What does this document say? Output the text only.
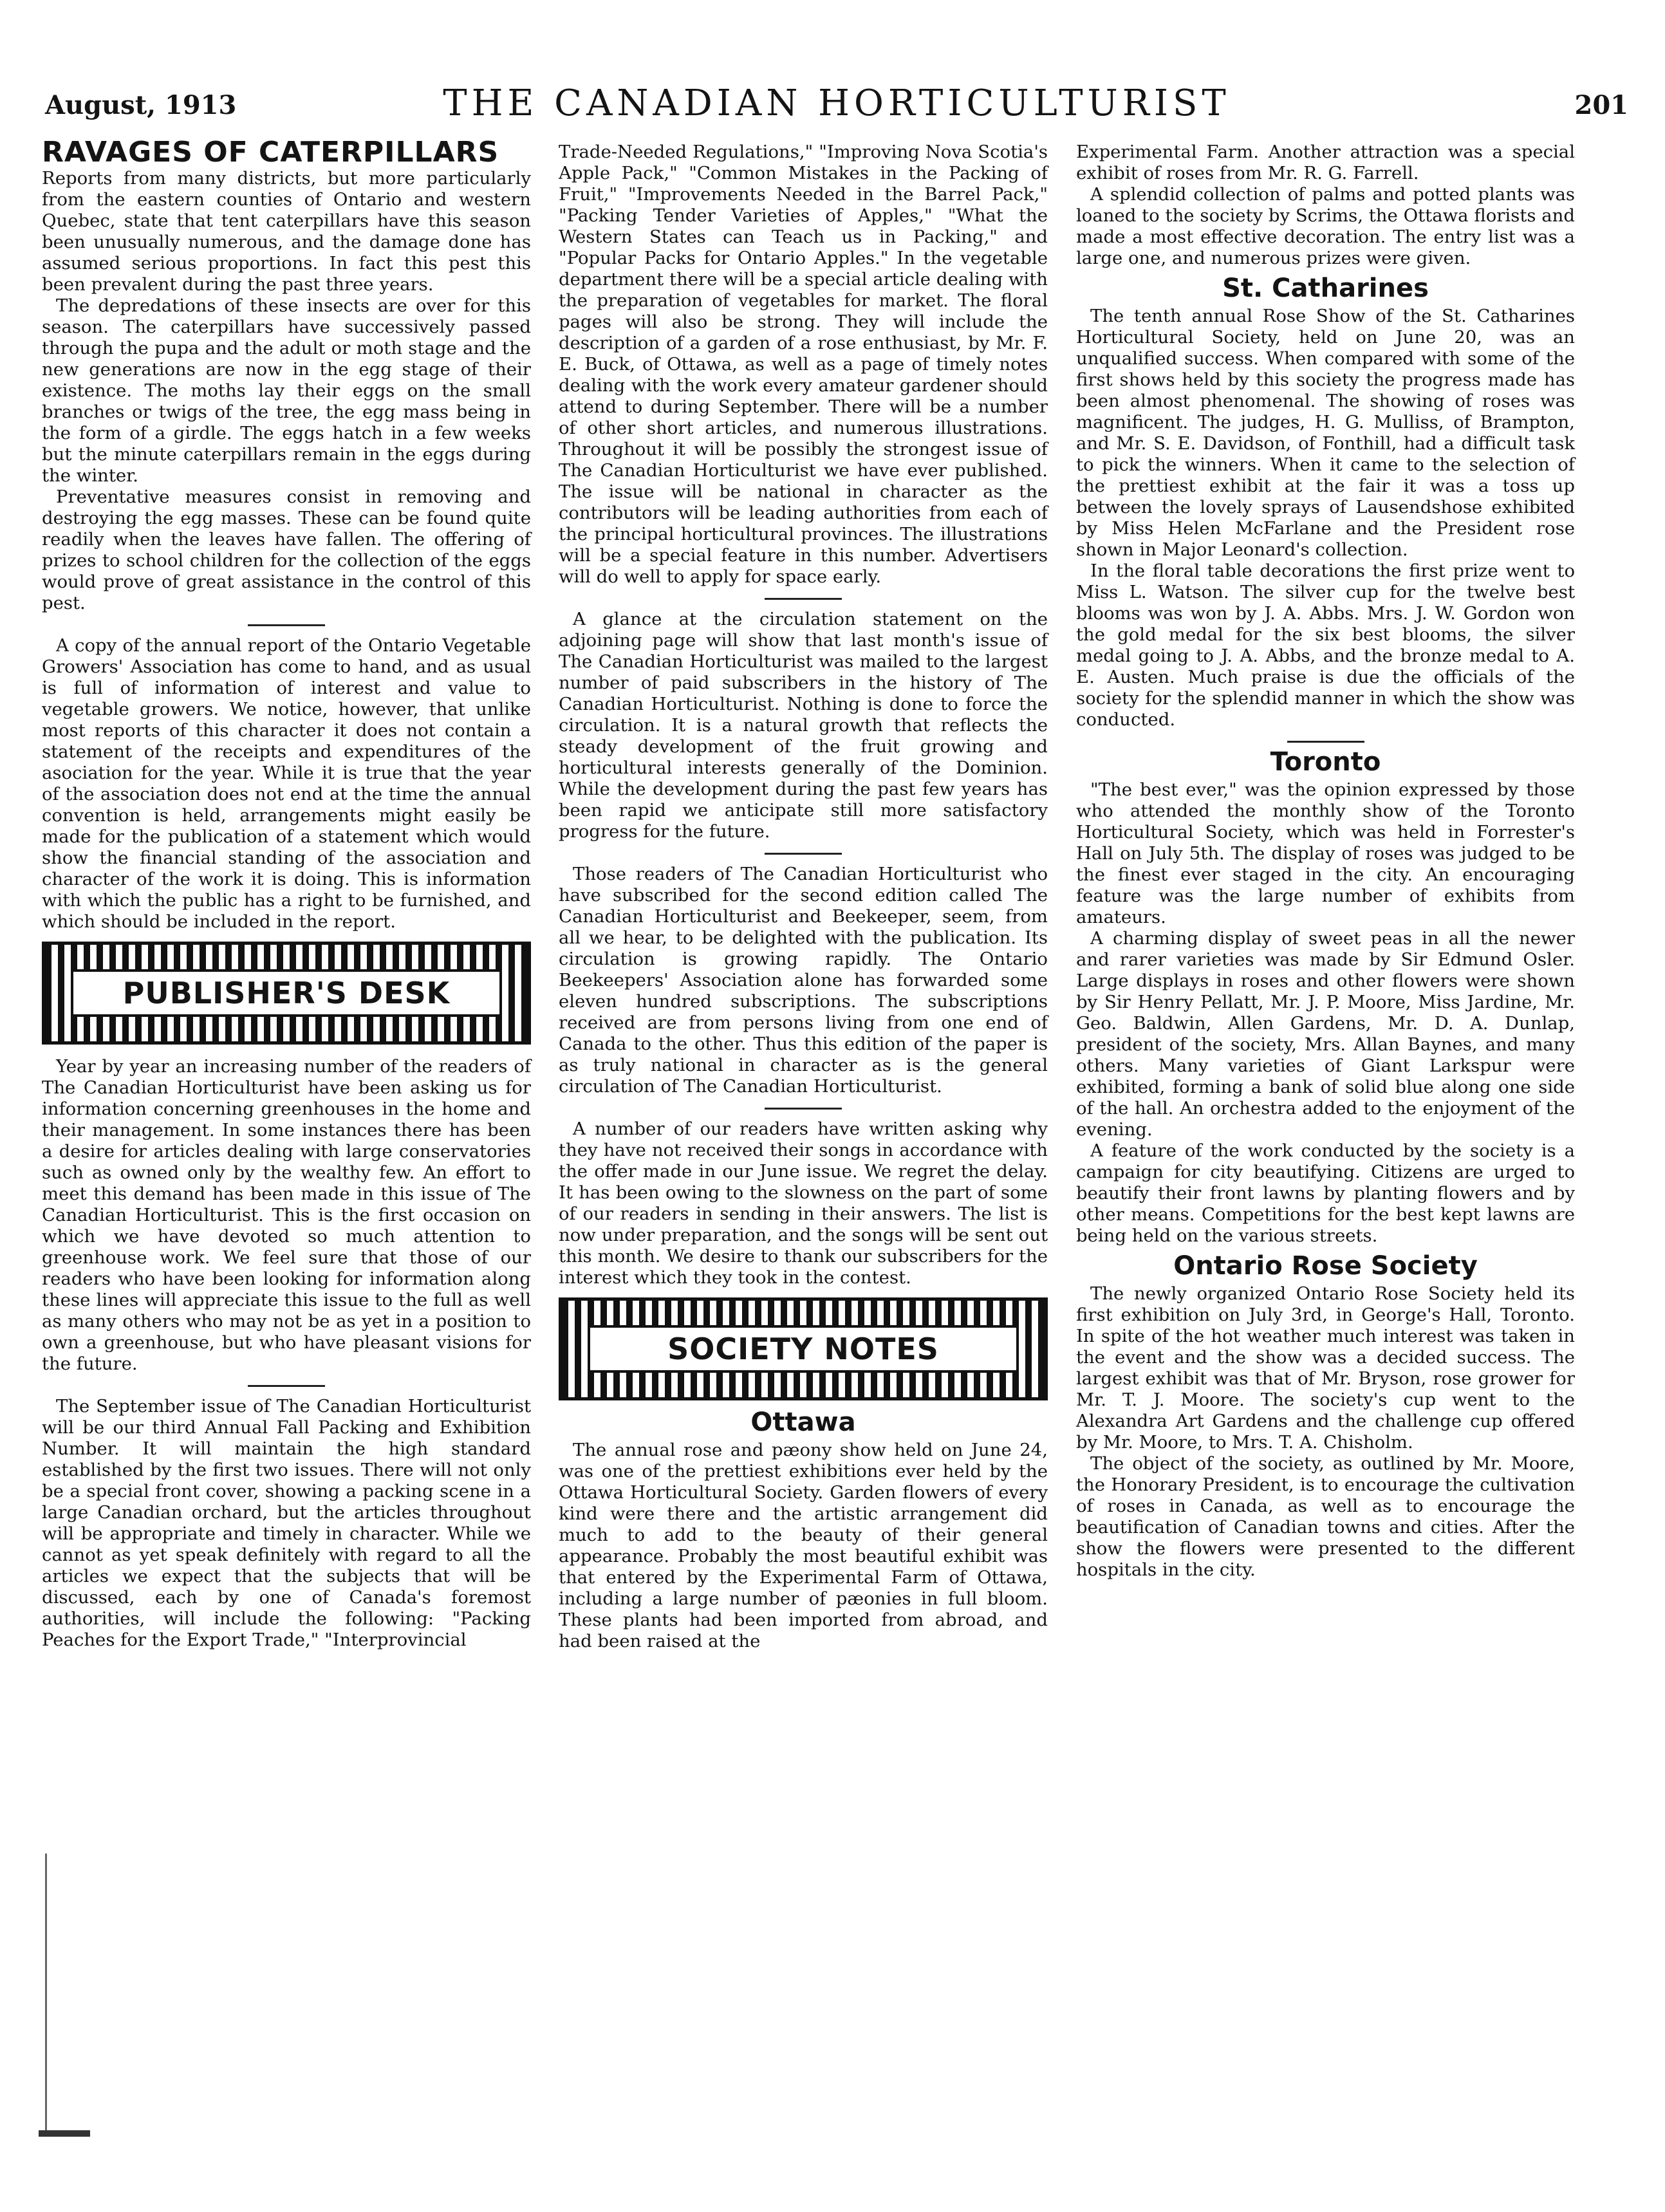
August, 1913	THE CANADIAN HORTICULTURIST	201
RAVAGES OF CATERPILLARS

Reports from many districts, but more particularly from the eastern counties of Ontario and western Quebec, state that tent caterpillars have this season been unusually numerous, and the damage done has assumed serious proportions. In fact this pest this been prevalent during the past three years.

The depredations of these insects are over for this season. The caterpillars have successively passed through the pupa and the adult or moth stage and the new generations are now in the egg stage of their existence. The moths lay their eggs on the small branches or twigs of the tree, the egg mass being in the form of a girdle. The eggs hatch in a few weeks but the minute caterpillars remain in the eggs during the winter.

Preventative measures consist in removing and destroying the egg masses. These can be found quite readily when the leaves have fallen. The offering of prizes to school children for the collection of the eggs would prove of great assistance in the control of this pest.

A copy of the annual report of the Ontario Vegetable Growers' Association has come to hand, and as usual is full of information of interest and value to vegetable growers. We notice, however, that unlike most reports of this character it does not contain a statement of the receipts and expenditures of the asociation for the year. While it is true that the year of the association does not end at the time the annual convention is held, arrangements might easily be made for the publication of a statement which would show the financial standing of the association and character of the work it is doing. This is information with which the public has a right to be furnished, and which should be included in the report.

PUBLISHER'S DESK

Year by year an increasing number of the readers of The Canadian Horticulturist have been asking us for information concerning greenhouses in the home and their management. In some instances there has been a desire for articles dealing with large conservatories such as owned only by the wealthy few. An effort to meet this demand has been made in this issue of The Canadian Horticulturist. This is the first occasion on which we have devoted so much attention to greenhouse work. We feel sure that those of our readers who have been looking for information along these lines will appreciate this issue to the full as well as many others who may not be as yet in a position to own a greenhouse, but who have pleasant visions for the future.

The September issue of The Canadian Horticulturist will be our third Annual Fall Packing and Exhibition Number. It will maintain the high standard established by the first two issues. There will not only be a special front cover, showing a packing scene in a large Canadian orchard, but the articles throughout will be appropriate and timely in character. While we cannot as yet speak definitely with regard to all the articles we expect that the subjects that will be discussed, each by one of Canada's foremost authorities, will include the following: "Packing Peaches for the Export Trade," "Interprovincial

Trade-Needed Regulations," "Improving Nova Scotia's Apple Pack," "Common Mistakes in the Packing of Fruit," "Improvements Needed in the Barrel Pack," "Packing Tender Varieties of Apples," "What the Western States can Teach us in Packing," and "Popular Packs for Ontario Apples." In the vegetable department there will be a special article dealing with the preparation of vegetables for market. The floral pages will also be strong. They will include the description of a garden of a rose enthusiast, by Mr. F. E. Buck, of Ottawa, as well as a page of timely notes dealing with the work every amateur gardener should attend to during September. There will be a number of other short articles, and numerous illustrations. Throughout it will be possibly the strongest issue of The Canadian Horticulturist we have ever published. The issue will be national in character as the contributors will be leading authorities from each of the principal horticultural provinces. The illustrations will be a special feature in this number. Advertisers will do well to apply for space early.

A glance at the circulation statement on the adjoining page will show that last month's issue of The Canadian Horticulturist was mailed to the largest number of paid subscribers in the history of The Canadian Horticulturist. Nothing is done to force the circulation. It is a natural growth that reflects the steady development of the fruit growing and horticultural interests generally of the Dominion. While the development during the past few years has been rapid we anticipate still more satisfactory progress for the future.

Those readers of The Canadian Horticulturist who have subscribed for the second edition called The Canadian Horticulturist and Beekeeper, seem, from all we hear, to be delighted with the publication. Its circulation is growing rapidly. The Ontario Beekeepers' Association alone has forwarded some eleven hundred subscriptions. The subscriptions received are from persons living from one end of Canada to the other. Thus this edition of the paper is as truly national in character as is the general circulation of The Canadian Horticulturist.

A number of our readers have written asking why they have not received their songs in accordance with the offer made in our June issue. We regret the delay. It has been owing to the slowness on the part of some of our readers in sending in their answers. The list is now under preparation, and the songs will be sent out this month. We desire to thank our subscribers for the interest which they took in the contest.

SOCIETY NOTES
Ottawa

The annual rose and pæony show held on June 24, was one of the prettiest exhibitions ever held by the Ottawa Horticultural Society. Garden flowers of every kind were there and the artistic arrangement did much to add to the beauty of their general appearance. Probably the most beautiful exhibit was that entered by the Experimental Farm of Ottawa, including a large number of pæonies in full bloom. These plants had been imported from abroad, and had been raised at the

Experimental Farm. Another attraction was a special exhibit of roses from Mr. R. G. Farrell.

A splendid collection of palms and potted plants was loaned to the society by Scrims, the Ottawa florists and made a most effective decoration. The entry list was a large one, and numerous prizes were given.

St. Catharines

The tenth annual Rose Show of the St. Catharines Horticultural Society, held on June 20, was an unqualified success. When compared with some of the first shows held by this society the progress made has been almost phenomenal. The showing of roses was magnificent. The judges, H. G. Mulliss, of Brampton, and Mr. S. E. Davidson, of Fonthill, had a difficult task to pick the winners. When it came to the selection of the prettiest exhibit at the fair it was a toss up between the lovely sprays of Lausendshose exhibited by Miss Helen McFarlane and the President rose shown in Major Leonard's collection.

In the floral table decorations the first prize went to Miss L. Watson. The silver cup for the twelve best blooms was won by J. A. Abbs. Mrs. J. W. Gordon won the gold medal for the six best blooms, the silver medal going to J. A. Abbs, and the bronze medal to A. E. Austen. Much praise is due the officials of the society for the splendid manner in which the show was conducted.

Toronto

"The best ever," was the opinion expressed by those who attended the monthly show of the Toronto Horticultural Society, which was held in Forrester's Hall on July 5th. The display of roses was judged to be the finest ever staged in the city. An encouraging feature was the large number of exhibits from amateurs.

A charming display of sweet peas in all the newer and rarer varieties was made by Sir Edmund Osler. Large displays in roses and other flowers were shown by Sir Henry Pellatt, Mr. J. P. Moore, Miss Jardine, Mr. Geo. Baldwin, Allen Gardens, Mr. D. A. Dunlap, president of the society, Mrs. Allan Baynes, and many others. Many varieties of Giant Larkspur were exhibited, forming a bank of solid blue along one side of the hall. An orchestra added to the enjoyment of the evening.

A feature of the work conducted by the society is a campaign for city beautifying. Citizens are urged to beautify their front lawns by planting flowers and by other means. Competitions for the best kept lawns are being held on the various streets.

Ontario Rose Society

The newly organized Ontario Rose Society held its first exhibition on July 3rd, in George's Hall, Toronto. In spite of the hot weather much interest was taken in the event and the show was a decided success. The largest exhibit was that of Mr. Bryson, rose grower for Mr. T. J. Moore. The society's cup went to the Alexandra Art Gardens and the challenge cup offered by Mr. Moore, to Mrs. T. A. Chisholm.

The object of the society, as outlined by Mr. Moore, the Honorary President, is to encourage the cultivation of roses in Canada, as well as to encourage the beautification of Canadian towns and cities. After the show the flowers were presented to the different hospitals in the city.
